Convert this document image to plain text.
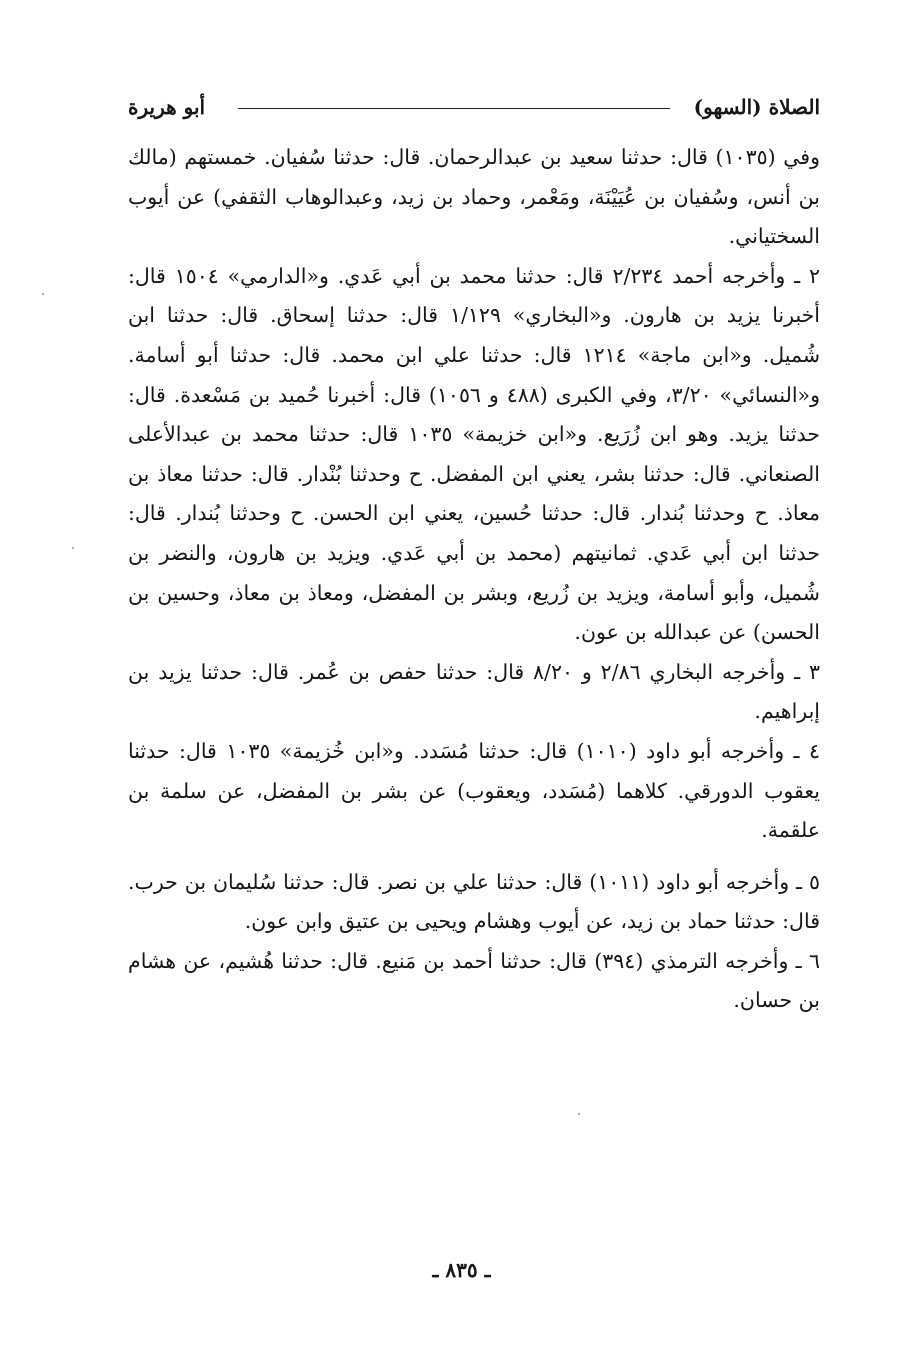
الصلاة (السهو)
أبو هريرة

وفي (١٠٣٥) قال: حدثنا سعيد بن عبدالرحمان. قال: حدثنا سُفيان. خمستهم (مالك بن أنس، وسُفيان بن عُيَيْنَة، ومَعْمر، وحماد بن زيد، وعبدالوهاب الثقفي) عن أيوب السختياني.

٢ ـ وأخرجه أحمد ٢/٢٣٤ قال: حدثنا محمد بن أبي عَدي. و«الدارمي» ١٥٠٤ قال: أخبرنا يزيد بن هارون. و«البخاري» ١/١٢٩ قال: حدثنا إسحاق. قال: حدثنا ابن شُميل. و«ابن ماجة» ١٢١٤ قال: حدثنا علي ابن محمد. قال: حدثنا أبو أسامة. و«النسائي» ٣/٢٠، وفي الكبرى (٤٨٨ و ١٠٥٦) قال: أخبرنا حُميد بن مَسْعدة. قال: حدثنا يزيد. وهو ابن زُرَيع. و«ابن خزيمة» ١٠٣٥ قال: حدثنا محمد بن عبدالأعلى الصنعاني. قال: حدثنا بشر، يعني ابن المفضل. ح وحدثنا بُنْدار. قال: حدثنا معاذ بن معاذ. ح وحدثنا بُندار. قال: حدثنا حُسين، يعني ابن الحسن. ح وحدثنا بُندار. قال: حدثنا ابن أبي عَدي. ثمانيتهم (محمد بن أبي عَدي. ويزيد بن هارون، والنضر بن شُميل، وأبو أسامة، ويزيد بن زُريع، وبشر بن المفضل، ومعاذ بن معاذ، وحسين بن الحسن) عن عبدالله بن عون.

٣ ـ وأخرجه البخاري ٢/٨٦ و ٨/٢٠ قال: حدثنا حفص بن عُمر. قال: حدثنا يزيد بن إبراهيم.

٤ ـ وأخرجه أبو داود (١٠١٠) قال: حدثنا مُسَدد. و«ابن خُزيمة» ١٠٣٥ قال: حدثنا يعقوب الدورقي. كلاهما (مُسَدد، ويعقوب) عن بشر بن المفضل، عن سلمة بن علقمة.

٥ ـ وأخرجه أبو داود (١٠١١) قال: حدثنا علي بن نصر. قال: حدثنا سُليمان بن حرب. قال: حدثنا حماد بن زيد، عن أيوب وهشام ويحيى بن عتيق وابن عون.

٦ ـ وأخرجه الترمذي (٣٩٤) قال: حدثنا أحمد بن مَنيع. قال: حدثنا هُشيم، عن هشام بن حسان.

ـ ٨٣٥ ـ
